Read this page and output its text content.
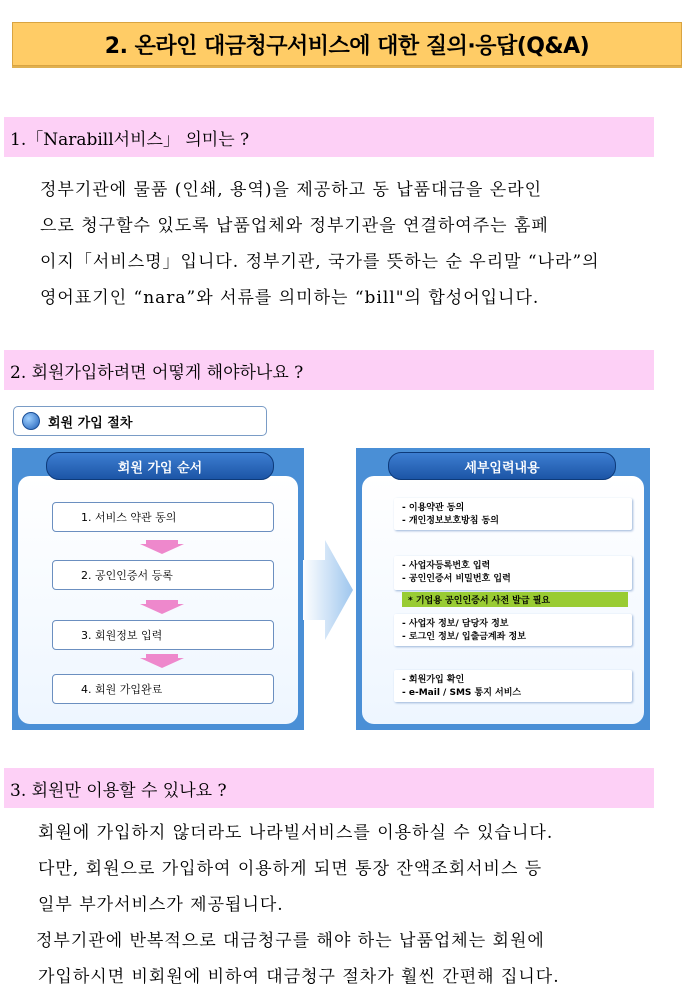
2. 온라인 대금청구서비스에 대한 질의·응답(Q&A)
1.「Narabill서비스」 의미는 ?

정부기관에 물품 (인쇄, 용역)을 제공하고 동 납품대금을 온라인

으로 청구할수 있도록 납품업체와 정부기관을 연결하여주는 홈페

이지「서비스명」입니다. 정부기관, 국가를 뜻하는 순 우리말 “나라”의

영어표기인 “nara”와 서류를 의미하는 “bill"의 합성어입니다.

2. 회원가입하려면 어떻게 해야하나요 ?
회원 가입 절차
회원 가입 순서
1. 서비스 약관 동의
2. 공인인증서 등록
3. 회원정보 입력
4. 회원 가입완료
세부입력내용
- 이용약관 동의
- 개인정보보호방침 동의
- 사업자등록번호 입력
- 공인인증서 비밀번호 입력
* 기업용 공인인증서 사전 발급 필요
- 사업자 정보/ 담당자 정보
- 로그인 정보/ 입출금계좌 정보
- 회원가입 확인
- e-Mail / SMS 통지 서비스
3. 회원만 이용할 수 있나요 ?

회원에 가입하지 않더라도 나라빌서비스를 이용하실 수 있습니다.

다만, 회원으로 가입하여 이용하게 되면 통장 잔액조회서비스 등

일부 부가서비스가 제공됩니다.

정부기관에 반복적으로 대금청구를 해야 하는 납품업체는 회원에

가입하시면 비회원에 비하여 대금청구 절차가 훨씬 간편해 집니다.
